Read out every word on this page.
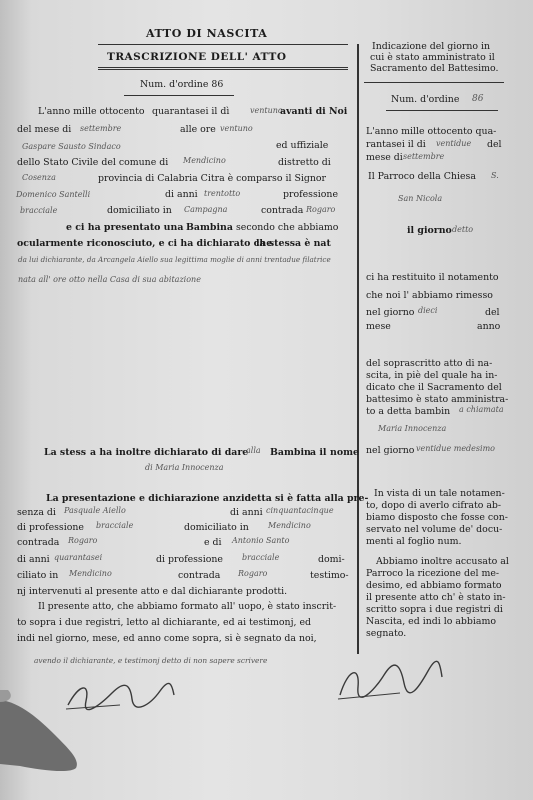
ATTO DI NASCITA
TRASCRIZIONE DELL' ATTO
Num. d'ordine 86
Indicazione del giorno in
cui è stato amministrato il
Sacramento del Battesimo.
Num. d'ordine 86
L'anno mille ottocento qua-
rantasei il di ventidue del
mese di settembre
Il Parroco della Chiesa S.
San Nicola
il giorno detto
ci ha restituito il notamento
che noi l' abbiamo rimesso
nel giorno dieci	del
mese	anno
del soprascritto atto di na-
scita, in piè del quale ha in-
dicato che il Sacramento del
battesimo è stato amministra-
to a detta bambin a chiamata
Maria Innocenza
nel giorno ventidue medesimo
In vista di un tale notamen-
to, dopo di averlo cifrato ab-
biamo disposto che fosse con-
servato nel volume de' docu-
menti al foglio num.
Abbiamo inoltre accusato al
Parroco la ricezione del me-
desimo, ed abbiamo formato
il presente atto ch' è stato in-
scritto sopra i due registri di
Nascita, ed indi lo abbiamo
segnato.
L'anno mille ottocento quarantasei il dì	ventuno
avanti di Noi
del mese di settembre	alle ore ventuno
Gaspare Sausto Sindaco	ed uffiziale
dello Stato Civile del comune di Mendicino	distretto di
Cosenza	provincia di Calabria Citra è comparso il Signor
Domenico Santelli	di anni trentotto	professione
bracciale	domiciliato in Campagna	contrada Rogaro
e ci ha presentato una Bambina secondo che abbiamo
ocularmente riconosciuto, e ci ha dichiarato che
la stessa è nat
da lui dichiarante, da Arcangela Aiello sua legittima moglie di anni trentadue filatrice
nata all' ore otto nella Casa di sua abitazione
La stess a ha inoltre dichiarato di dare
alla Bambin a il nome
di Maria Innocenza
La presentazione e dichiarazione anzidetta si è fatta alla pre-
senza di Pasquale Aiello	di anni cinquantacinque
di professione bracciale	domiciliato in Mendicino
contrada Rogaro	e di Antonio Santo
di anni quarantasei	di professione bracciale	domi-
ciliato in Mendicino	contrada Rogaro	testimo-
nj intervenuti al presente atto e dal dichiarante prodotti.
Il presente atto, che abbiamo formato all' uopo, è stato inscrit-
to sopra i due registri, letto al dichiarante, ed ai testimonj, ed
indi nel giorno, mese, ed anno come sopra, si è segnato da noi,
avendo il dichiarante, e testimonj detto di non sapere scrivere
